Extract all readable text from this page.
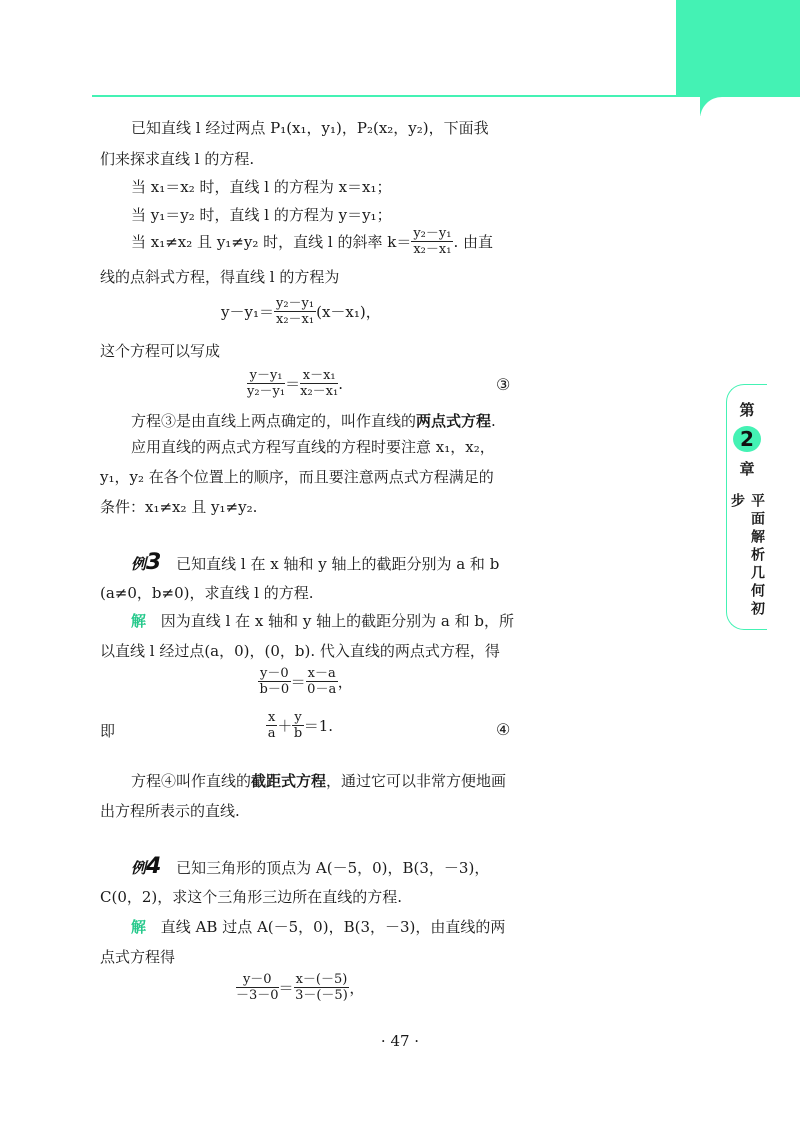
第
2
章
平面解析几何初步
已知直线 l 经过两点 P₁(x₁，y₁)，P₂(x₂，y₂)，下面我
们来探求直线 l 的方程.
当 x₁＝x₂ 时，直线 l 的方程为 x＝x₁；
当 y₁＝y₂ 时，直线 l 的方程为 y＝y₁；
当 x₁≠x₂ 且 y₁≠y₂ 时，直线 l 的斜率 $k= \frac{\text{y₂－y₁}}{\text{x₂－x₁}}$ . 由直
线的点斜式方程，得直线 l 的方程为
$y-y_1= \frac{\text{y₂－y₁}}{\text{x₂－x₁}} (x-x_1)$，
这个方程可以写成
$\frac{\text{y－y₁}}{\text{y₂－y₁}} = \frac{\text{x－x₁}}{\text{x₂－x₁}}$ .	③
方程③是由直线上两点确定的，叫作直线的两点式方程.
应用直线的两点式方程写直线的方程时要注意 x₁，x₂，
y₁，y₂ 在各个位置上的顺序，而且要注意两点式方程满足的
条件：x₁≠x₂ 且 y₁≠y₂.
例3 已知直线 l 在 x 轴和 y 轴上的截距分别为 a 和 b
(a≠0，b≠0)，求直线 l 的方程.
解 因为直线 l 在 x 轴和 y 轴上的截距分别为 a 和 b，所
以直线 l 经过点(a，0)，(0，b). 代入直线的两点式方程，得
$\frac{y-0}{b-0} = \frac{x-a}{0-a}$ ，
即	$\frac{x}{a} + \frac{y}{b} =1$.	④
方程④叫作直线的截距式方程，通过它可以非常方便地画
出方程所表示的直线.
例4 已知三角形的顶点为 A(－5，0)，B(3，－3)，
C(0，2)，求这个三角形三边所在直线的方程.
解 直线 AB 过点 A(－5，0)，B(3，－3)，由直线的两
点式方程得
$\frac{y-0}{-3-0} = \frac{x-(-5)}{3-(-5)}$ ，
· 47 ·
